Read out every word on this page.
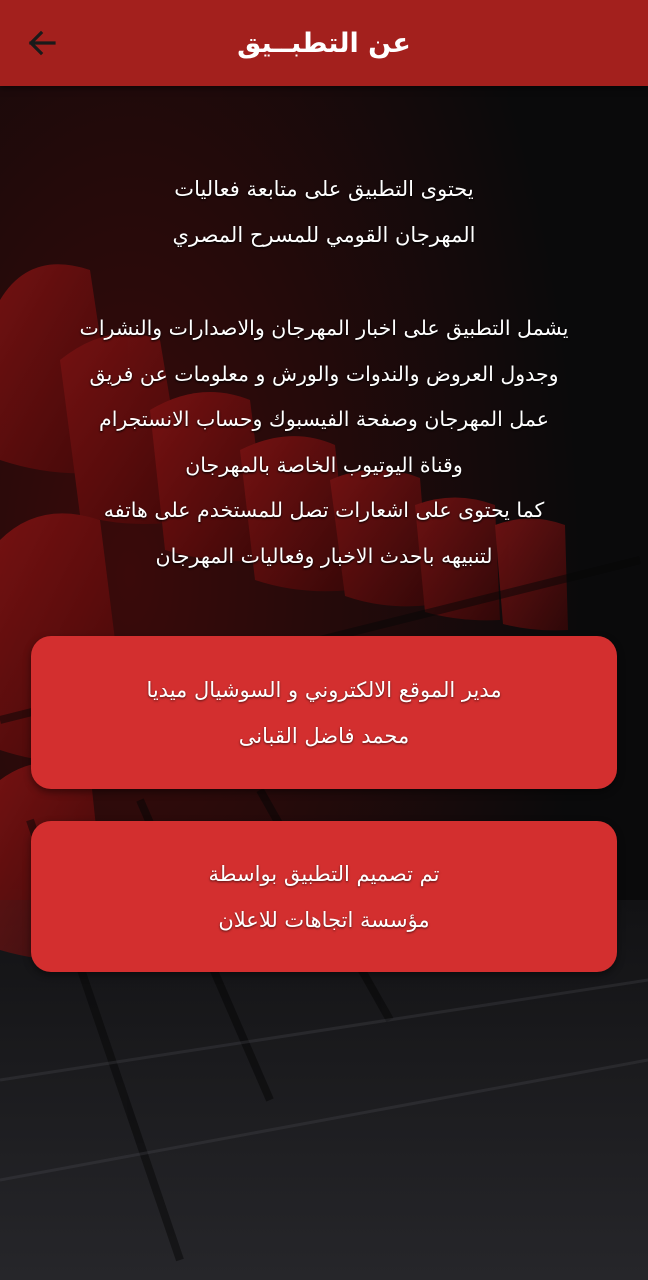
عن التطبــيق

يحتوى التطبيق على متابعة فعاليات

المهرجان القومي للمسرح المصري

يشمل التطبيق على اخبار المهرجان والاصدارات والنشرات

وجدول العروض والندوات والورش و معلومات عن فريق

عمل المهرجان وصفحة الفيسبوك وحساب الانستجرام

وقناة اليوتيوب الخاصة بالمهرجان

كما يحتوى على اشعارات تصل للمستخدم على هاتفه

لتنبيهه باحدث الاخبار وفعاليات المهرجان

مدير الموقع الالكتروني و السوشيال ميديا
محمد فاضل القبانى
تم تصميم التطبيق بواسطة
مؤسسة اتجاهات للاعلان
